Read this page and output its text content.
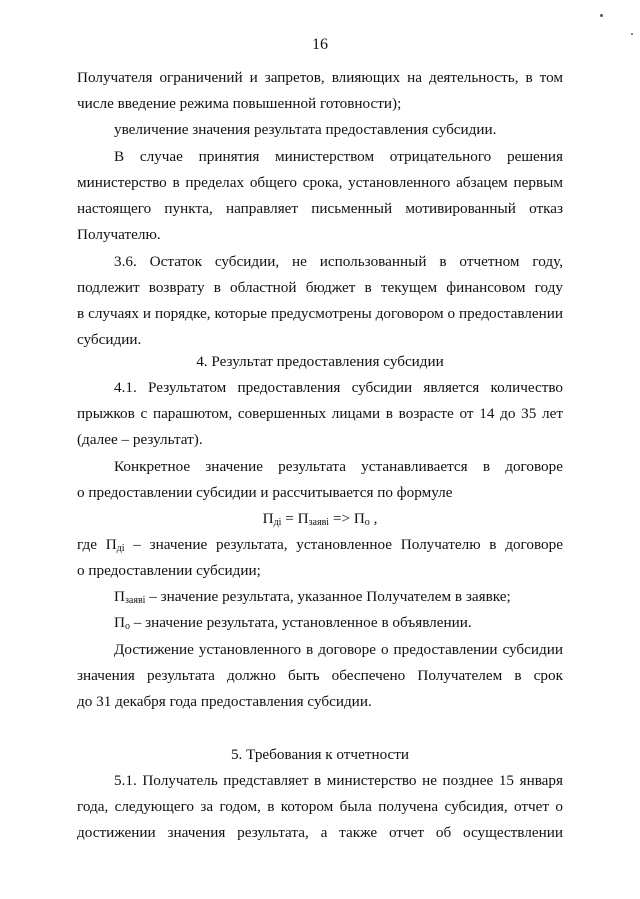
16
Получателя ограничений и запретов, влияющих на деятельность, в том
числе введение режима повышенной готовности);
увеличение значения результата предоставления субсидии.
В случае принятия министерством отрицательного решения
министерство в пределах общего срока, установленного абзацем первым
настоящего пункта, направляет письменный мотивированный отказ
Получателю.
3.6. Остаток субсидии, не использованный в отчетном году,
подлежит возврату в областной бюджет в текущем финансовом году
в случаях и порядке, которые предусмотрены договором о предоставлении
субсидии.
4. Результат предоставления субсидии
4.1. Результатом предоставления субсидии является количество
прыжков с парашютом, совершенных лицами в возрасте от 14 до 35 лет
(далее – результат).
Конкретное значение результата устанавливается в договоре
о предоставлении субсидии и рассчитывается по формуле
$П_{дi} = П_{заявi} => П_о$ ,
где $П_{дi}$ – значение результата, установленное Получателю в договоре
о предоставлении субсидии;
$П_{заявi}$ – значение результата, указанное Получателем в заявке;
$П_о$ – значение результата, установленное в объявлении.
Достижение установленного в договоре о предоставлении субсидии
значения результата должно быть обеспечено Получателем в срок
до 31 декабря года предоставления субсидии.
5. Требования к отчетности
5.1. Получатель представляет в министерство не позднее 15 января
года, следующего за годом, в котором была получена субсидия, отчет о
достижении значения результата, а также отчет об осуществлении
